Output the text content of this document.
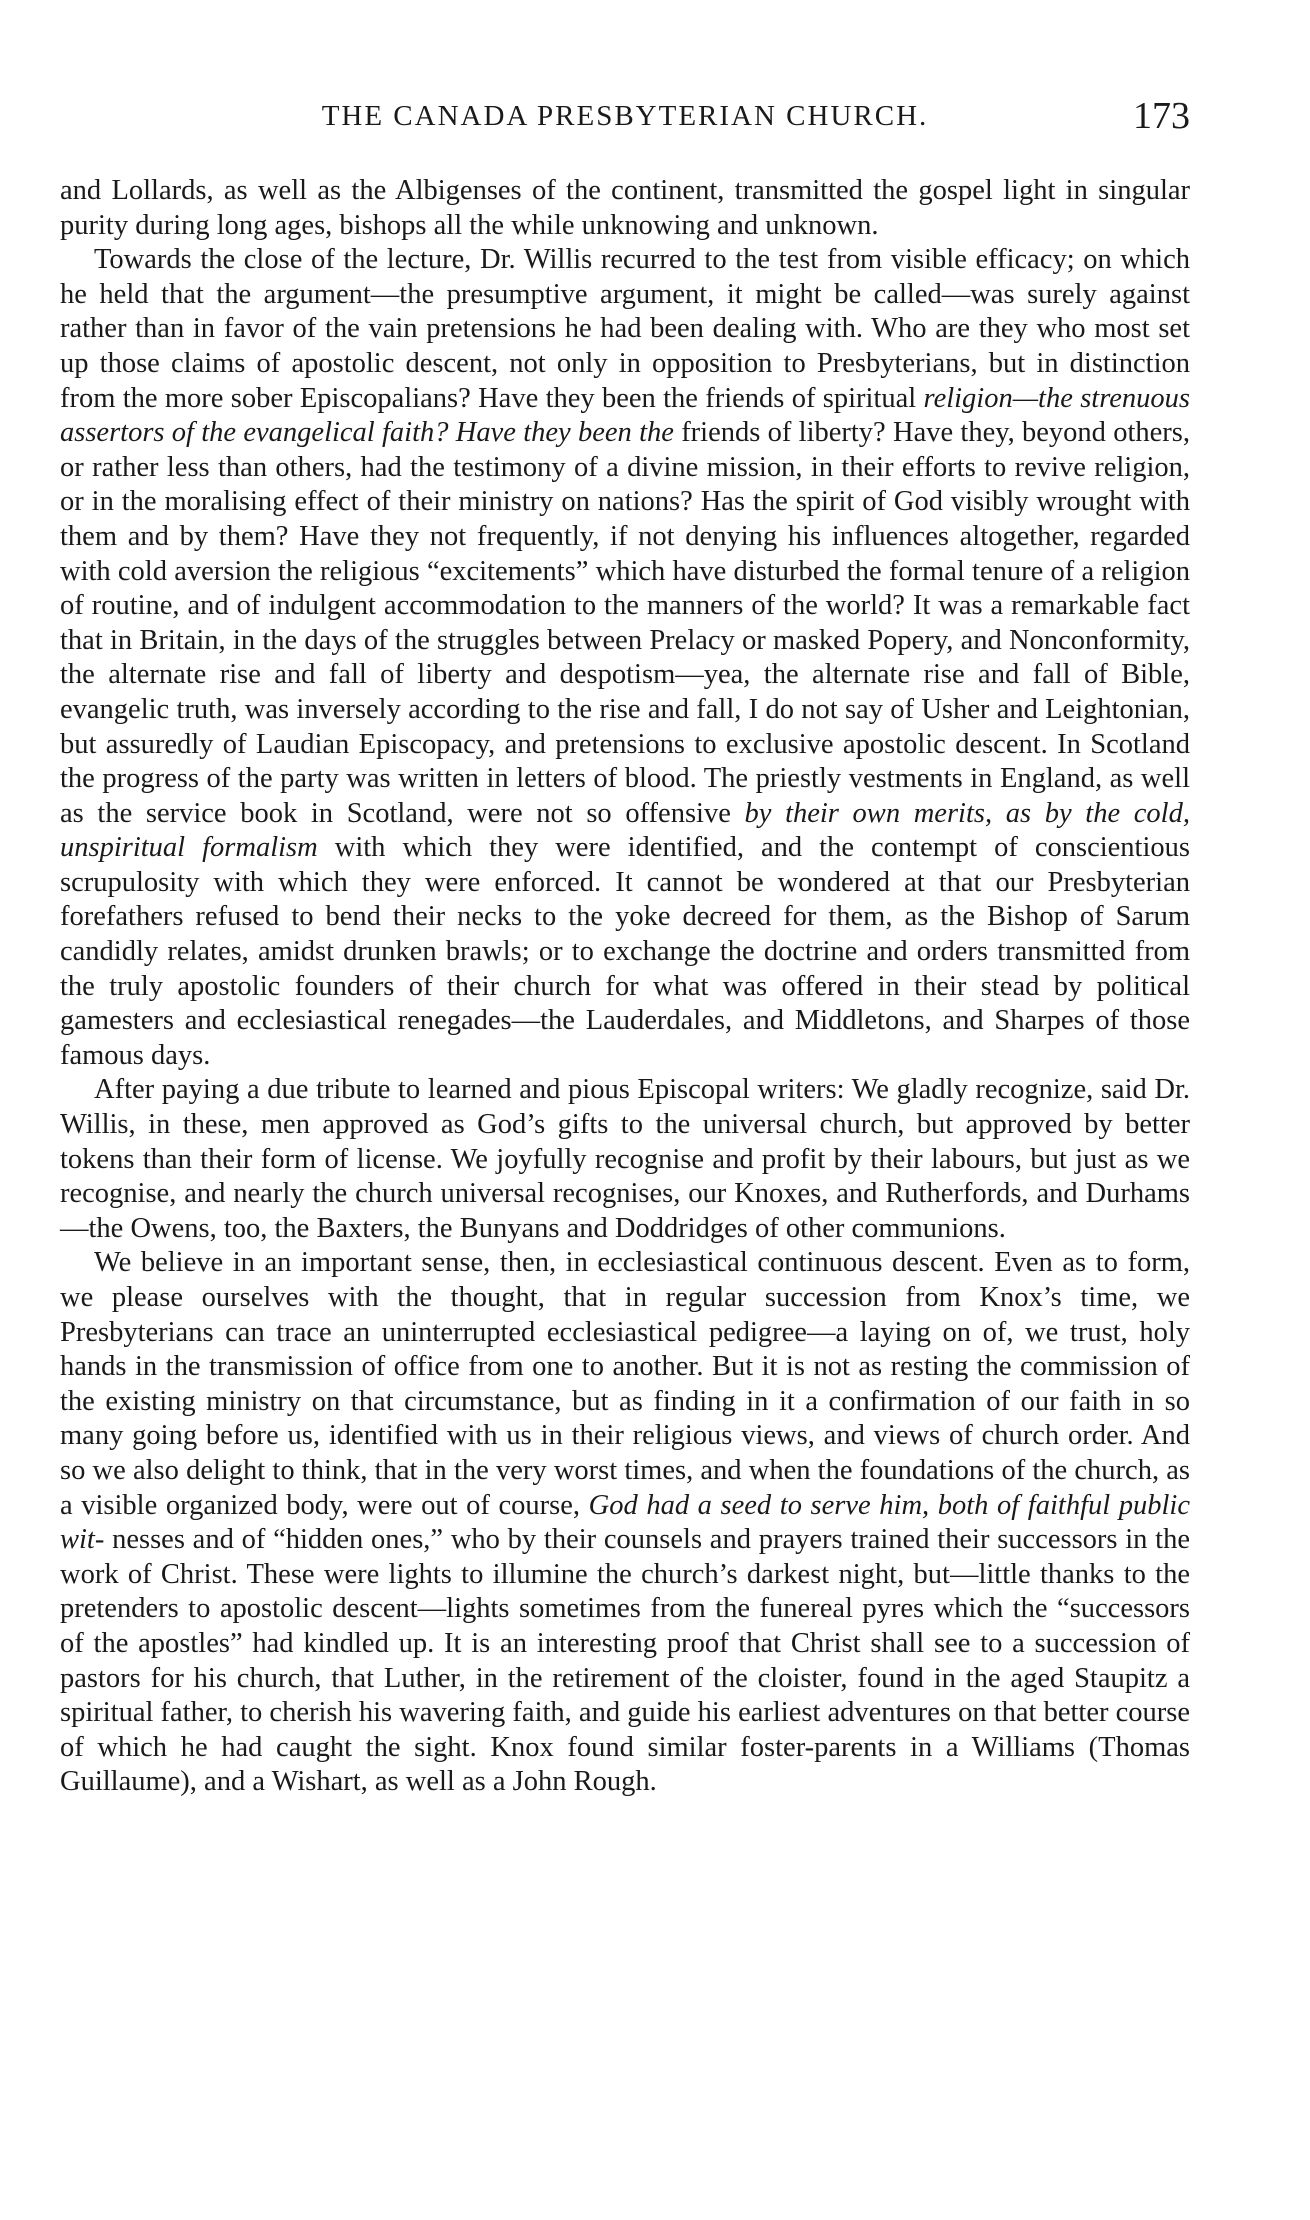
THE CANADA PRESBYTERIAN CHURCH.	173

and Lollards, as well as the Albigenses of the continent, transmitted the gospel light in singular purity during long ages, bishops all the while unknowing and unknown.

Towards the close of the lecture, Dr. Willis recurred to the test from visible efficacy; on which he held that the argument—the presumptive argument, it might be called—was surely against rather than in favor of the vain pretensions he had been dealing with. Who are they who most set up those claims of apostolic descent, not only in opposition to Presbyterians, but in distinction from the more sober Episcopalians? Have they been the friends of spiritual religion—the strenuous assertors of the evangelical faith? Have they been the friends of liberty? Have they, beyond others, or rather less than others, had the testimony of a divine mission, in their efforts to revive religion, or in the moralising effect of their ministry on nations? Has the spirit of God visibly wrought with them and by them? Have they not frequently, if not denying his influences altogether, regarded with cold aversion the religious “excitements” which have disturbed the formal tenure of a religion of routine, and of indulgent accommodation to the manners of the world? It was a remarkable fact that in Britain, in the days of the struggles between Prelacy or masked Popery, and Nonconformity, the alternate rise and fall of liberty and despotism—yea, the alternate rise and fall of Bible, evangelic truth, was inversely according to the rise and fall, I do not say of Usher and Leightonian, but assuredly of Laudian Episcopacy, and pretensions to exclusive apostolic descent. In Scotland the progress of the party was written in letters of blood. The priestly vestments in England, as well as the service book in Scotland, were not so offensive by their own merits, as by the cold, unspiritual formalism with which they were identified, and the contempt of conscientious scrupulosity with which they were enforced. It cannot be wondered at that our Presbyterian forefathers refused to bend their necks to the yoke decreed for them, as the Bishop of Sarum candidly relates, amidst drunken brawls; or to exchange the doctrine and orders transmitted from the truly apostolic founders of their church for what was offered in their stead by political gamesters and ecclesiastical renegades—the Lauderdales, and Middletons, and Sharpes of those famous days.

After paying a due tribute to learned and pious Episcopal writers: We gladly recognize, said Dr. Willis, in these, men approved as God’s gifts to the universal church, but approved by better tokens than their form of license. We joyfully recognise and profit by their labours, but just as we recognise, and nearly the church universal recognises, our Knoxes, and Rutherfords, and Durhams—the Owens, too, the Baxters, the Bunyans and Doddridges of other communions.

We believe in an important sense, then, in ecclesiastical continuous descent. Even as to form, we please ourselves with the thought, that in regular succession from Knox’s time, we Presbyterians can trace an uninterrupted ecclesiastical pedigree—a laying on of, we trust, holy hands in the transmission of office from one to another. But it is not as resting the commission of the existing ministry on that circumstance, but as finding in it a confirmation of our faith in so many going before us, identified with us in their religious views, and views of church order. And so we also delight to think, that in the very worst times, and when the foundations of the church, as a visible organized body, were out of course, God had a seed to serve him, both of faithful public wit- nesses and of “hidden ones,” who by their counsels and prayers trained their successors in the work of Christ. These were lights to illumine the church’s darkest night, but—little thanks to the pretenders to apostolic descent—lights sometimes from the funereal pyres which the “successors of the apostles” had kindled up. It is an interesting proof that Christ shall see to a succession of pastors for his church, that Luther, in the retirement of the cloister, found in the aged Staupitz a spiritual father, to cherish his wavering faith, and guide his earliest adventures on that better course of which he had caught the sight. Knox found similar foster-parents in a Williams (Thomas Guillaume), and a Wishart, as well as a John Rough.
